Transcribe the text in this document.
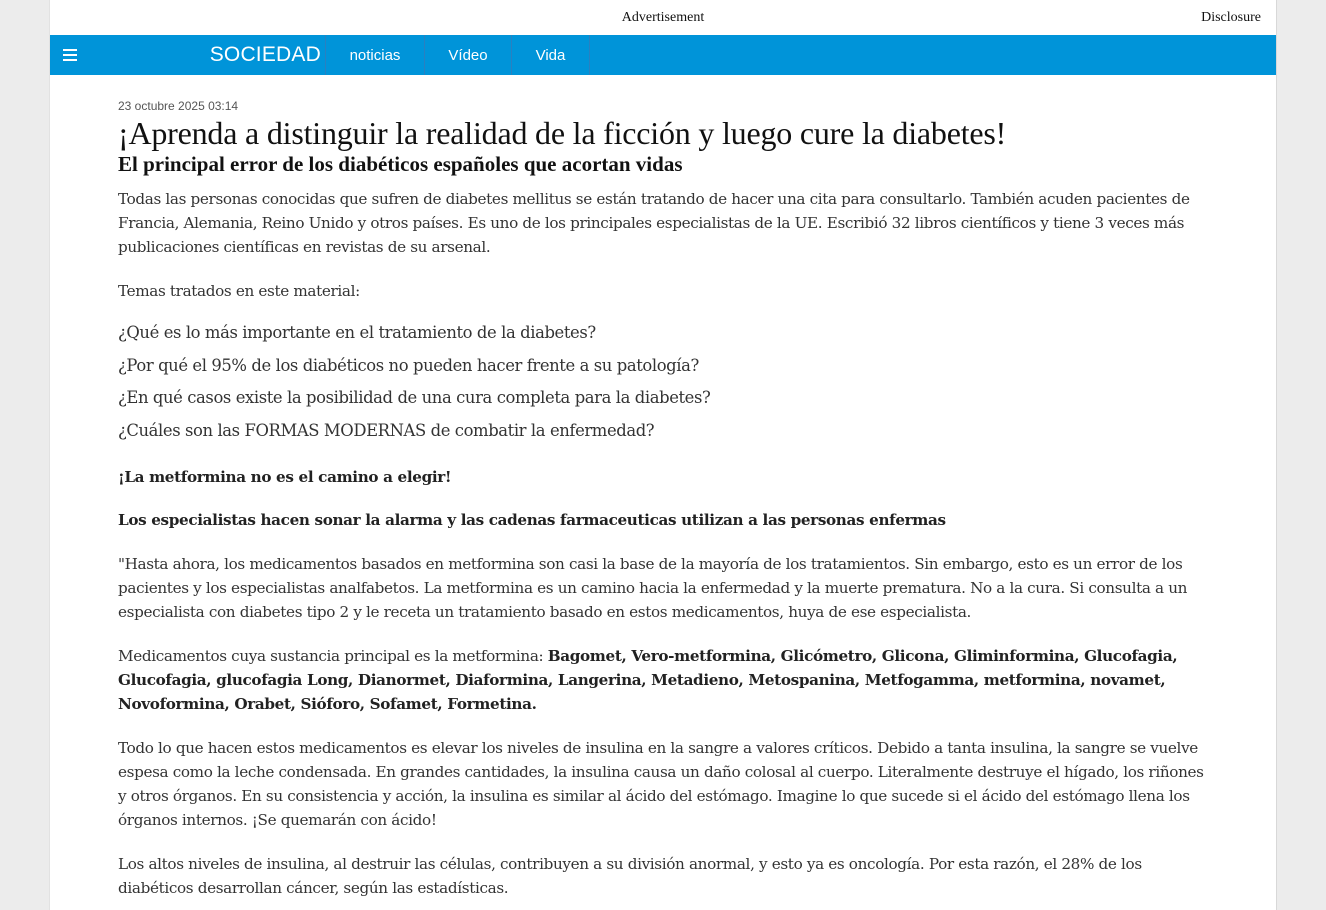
Advertisement	Disclosure
SOCIEDAD	noticias	Vídeo	Vida
23 octubre 2025 03:14
¡Aprenda a distinguir la realidad de la ficción y luego cure la diabetes!
El principal error de los diabéticos españoles que acortan vidas

Todas las personas conocidas que sufren de diabetes mellitus se están tratando de hacer una cita para consultarlo. También acuden pacientes de Francia, Alemania, Reino Unido y otros países. Es uno de los principales especialistas de la UE. Escribió 32 libros científicos y tiene 3 veces más publicaciones científicas en revistas de su arsenal.

Temas tratados en este material:

¿Qué es lo más importante en el tratamiento de la diabetes?
¿Por qué el 95% de los diabéticos no pueden hacer frente a su patología?
¿En qué casos existe la posibilidad de una cura completa para la diabetes?
¿Cuáles son las FORMAS MODERNAS de combatir la enfermedad?

¡La metformina no es el camino a elegir!

Los especialistas hacen sonar la alarma y las cadenas farmaceuticas utilizan a las personas enfermas

"Hasta ahora, los medicamentos basados en metformina son casi la base de la mayoría de los tratamientos. Sin embargo, esto es un error de los pacientes y los especialistas analfabetos. La metformina es un camino hacia la enfermedad y la muerte prematura. No a la cura. Si consulta a un especialista con diabetes tipo 2 y le receta un tratamiento basado en estos medicamentos, huya de ese especialista.

Medicamentos cuya sustancia principal es la metformina: Bagomet, Vero-metformina, Glicómetro, Glicona, Gliminformina, Glucofagia, Glucofagia, glucofagia Long, Dianormet, Diaformina, Langerina, Metadieno, Metospanina, Metfogamma, metformina, novamet, Novoformina, Orabet, Sióforo, Sofamet, Formetina.

Todo lo que hacen estos medicamentos es elevar los niveles de insulina en la sangre a valores críticos. Debido a tanta insulina, la sangre se vuelve espesa como la leche condensada. En grandes cantidades, la insulina causa un daño colosal al cuerpo. Literalmente destruye el hígado, los riñones y otros órganos. En su consistencia y acción, la insulina es similar al ácido del estómago. Imagine lo que sucede si el ácido del estómago llena los órganos internos. ¡Se quemarán con ácido!

Los altos niveles de insulina, al destruir las células, contribuyen a su división anormal, y esto ya es oncología. Por esta razón, el 28% de los diabéticos desarrollan cáncer, según las estadísticas.
